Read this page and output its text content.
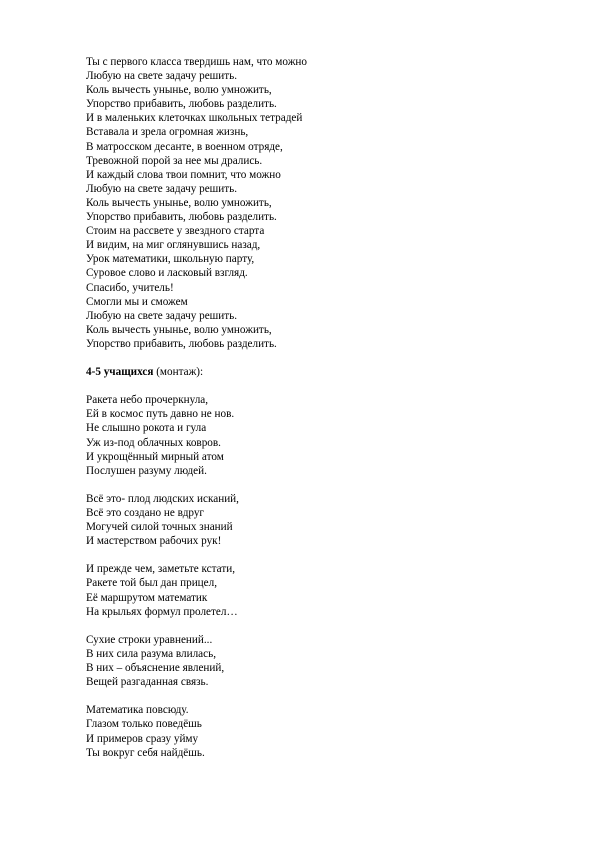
Ты с первого класса твердишь нам, что можно
Любую на свете задачу решить.
Коль вычесть унынье, волю умножить,
Упорство прибавить, любовь разделить.
И в маленьких клеточках школьных тетрадей
Вставала и зрела огромная жизнь,
В матросском десанте, в военном отряде,
Тревожной порой за нее мы дрались.
И каждый слова твои помнит, что можно
Любую на свете задачу решить.
Коль вычесть унынье, волю умножить,
Упорство прибавить, любовь разделить.
Стоим на рассвете у звездного старта
И видим, на миг оглянувшись назад,
Урок математики, школьную парту,
Суровое слово и ласковый взгляд.
Спасибо, учитель!
Смогли мы и сможем
Любую на свете задачу решить.
Коль вычесть унынье, волю умножить,
Упорство прибавить, любовь разделить.
4-5 учащихся (монтаж):
Ракета небо прочеркнула,
Ей в космос путь давно не нов.
Не слышно рокота и гула
Уж из-под облачных ковров.
И укрощённый мирный атом
Послушен разуму людей.
Всё это- плод людских исканий,
Всё это создано не вдруг
Могучей силой точных знаний
И мастерством рабочих рук!
И прежде чем, заметьте кстати,
Ракете той был дан прицел,
Её маршрутом математик
На крыльях формул пролетел…
Сухие строки уравнений...
В них сила разума влилась,
В них – объяснение явлений,
Вещей разгаданная связь.
Математика повсюду.
Глазом только поведёшь
И примеров сразу уйму
Ты вокруг себя найдёшь.
